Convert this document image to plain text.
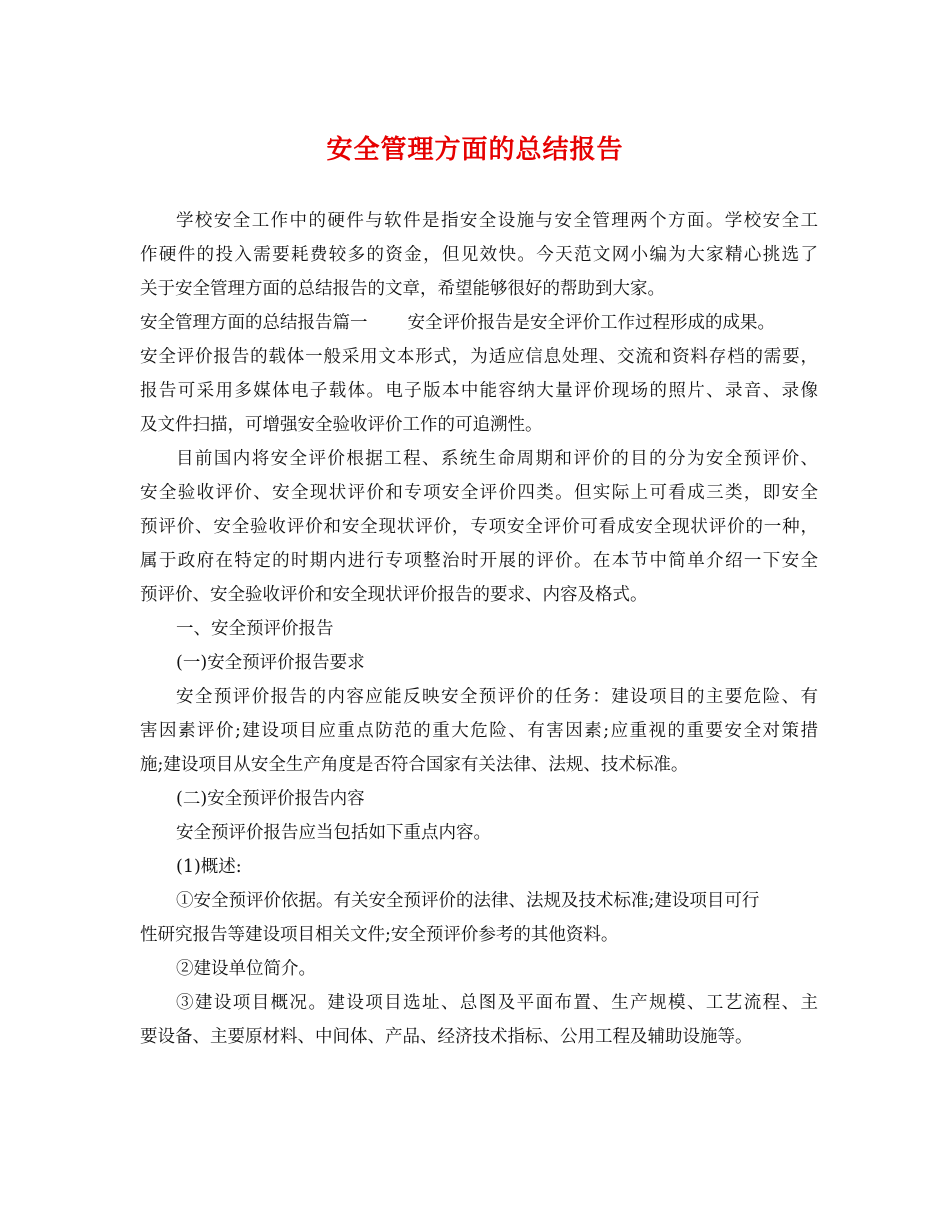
安全管理方面的总结报告

学校安全工作中的硬件与软件是指安全设施与安全管理两个方面。学校安全工

作硬件的投入需要耗费较多的资金，但见效快。今天范文网小编为大家精心挑选了

关于安全管理方面的总结报告的文章，希望能够很好的帮助到大家。

安全管理方面的总结报告篇一 安全评价报告是安全评价工作过程形成的成果。

安全评价报告的载体一般采用文本形式，为适应信息处理、交流和资料存档的需要，

报告可采用多媒体电子载体。电子版本中能容纳大量评价现场的照片、录音、录像

及文件扫描，可增强安全验收评价工作的可追溯性。

目前国内将安全评价根据工程、系统生命周期和评价的目的分为安全预评价、

安全验收评价、安全现状评价和专项安全评价四类。但实际上可看成三类，即安全

预评价、安全验收评价和安全现状评价，专项安全评价可看成安全现状评价的一种，

属于政府在特定的时期内进行专项整治时开展的评价。在本节中简单介绍一下安全

预评价、安全验收评价和安全现状评价报告的要求、内容及格式。

一、安全预评价报告

(一)安全预评价报告要求

安全预评价报告的内容应能反映安全预评价的任务：建设项目的主要危险、有

害因素评价;建设项目应重点防范的重大危险、有害因素;应重视的重要安全对策措

施;建设项目从安全生产角度是否符合国家有关法律、法规、技术标准。

(二)安全预评价报告内容

安全预评价报告应当包括如下重点内容。

(1)概述:

①安全预评价依据。有关安全预评价的法律、法规及技术标准;建设项目可行

性研究报告等建设项目相关文件;安全预评价参考的其他资料。

②建设单位简介。

③建设项目概况。建设项目选址、总图及平面布置、生产规模、工艺流程、主

要设备、主要原材料、中间体、产品、经济技术指标、公用工程及辅助设施等。
